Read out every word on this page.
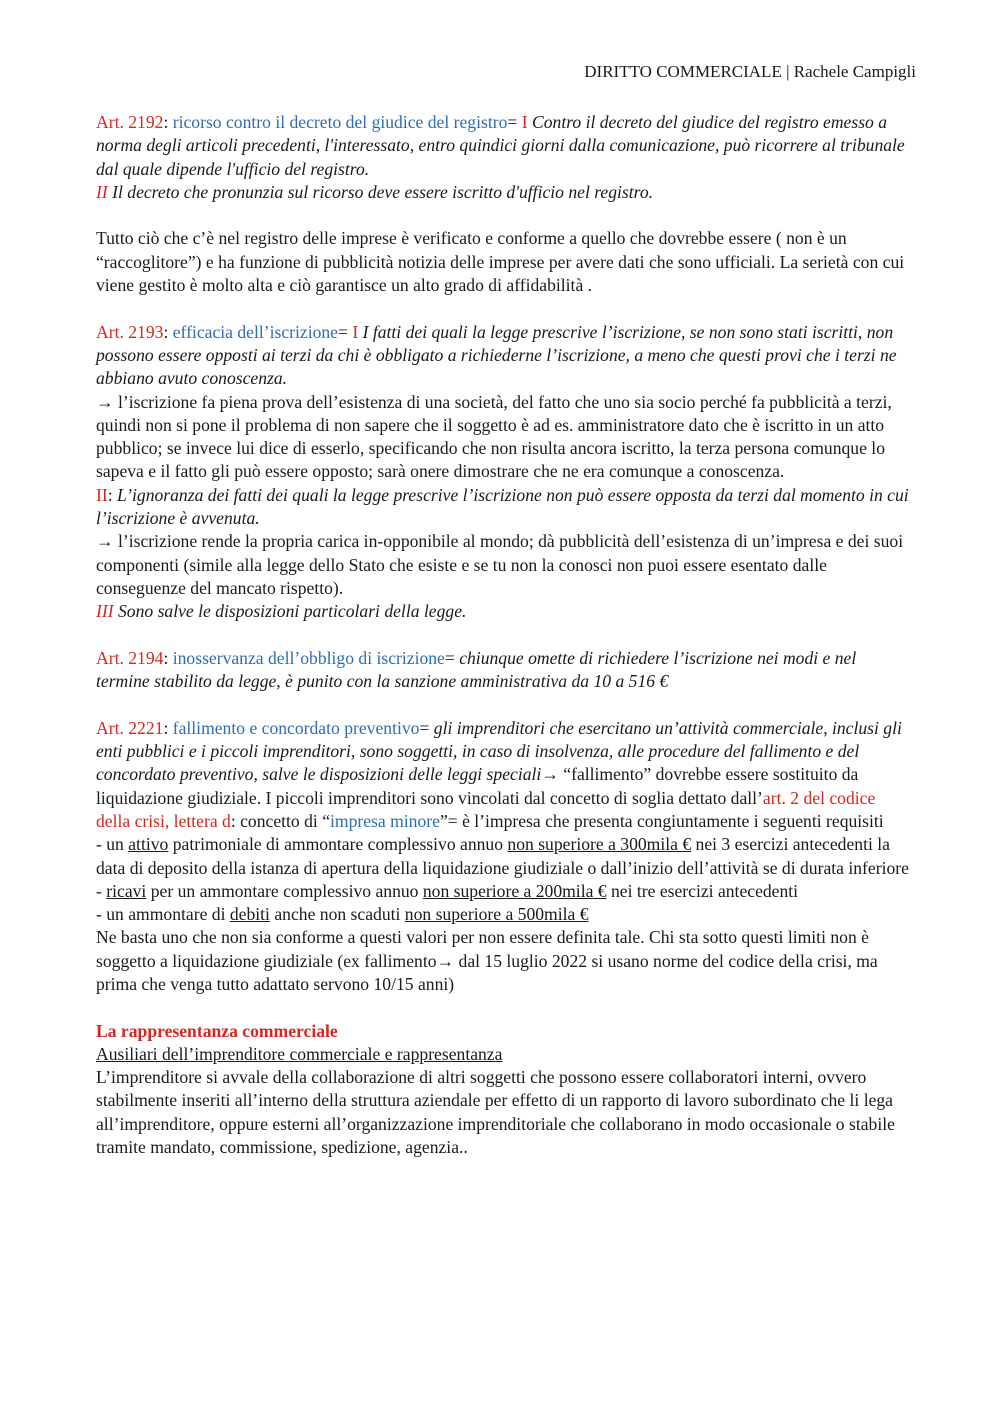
DIRITTO COMMERCIALE | Rachele Campigli

Art. 2192: ricorso contro il decreto del giudice del registro= I Contro il decreto del giudice del registro emesso a norma degli articoli precedenti, l'interessato, entro quindici giorni dalla comunicazione, può ricorrere al tribunale dal quale dipende l'ufficio del registro.

II Il decreto che pronunzia sul ricorso deve essere iscritto d'ufficio nel registro.

Tutto ciò che c’è nel registro delle imprese è verificato e conforme a quello che dovrebbe essere ( non è un “raccoglitore”) e ha funzione di pubblicità notizia delle imprese per avere dati che sono ufficiali. La serietà con cui viene gestito è molto alta e ciò garantisce un alto grado di affidabilità .

Art. 2193: efficacia dell’iscrizione= I I fatti dei quali la legge prescrive l’iscrizione, se non sono stati iscritti, non possono essere opposti ai terzi da chi è obbligato a richiederne l’iscrizione, a meno che questi provi che i terzi ne abbiano avuto conoscenza.

→ l’iscrizione fa piena prova dell’esistenza di una società, del fatto che uno sia socio perché fa pubblicità a terzi, quindi non si pone il problema di non sapere che il soggetto è ad es. amministratore dato che è iscritto in un atto pubblico; se invece lui dice di esserlo, specificando che non risulta ancora iscritto, la terza persona comunque lo sapeva e il fatto gli può essere opposto; sarà onere dimostrare che ne era comunque a conoscenza.

II: L’ignoranza dei fatti dei quali la legge prescrive l’iscrizione non può essere opposta da terzi dal momento in cui l’iscrizione è avvenuta.

→ l’iscrizione rende la propria carica in-opponibile al mondo; dà pubblicità dell’esistenza di un’impresa e dei suoi componenti (simile alla legge dello Stato che esiste e se tu non la conosci non puoi essere esentato dalle conseguenze del mancato rispetto).

III Sono salve le disposizioni particolari della legge.

Art. 2194: inosservanza dell’obbligo di iscrizione= chiunque omette di richiedere l’iscrizione nei modi e nel termine stabilito da legge, è punito con la sanzione amministrativa da 10 a 516 €

Art. 2221: fallimento e concordato preventivo= gli imprenditori che esercitano un’attività commerciale, inclusi gli enti pubblici e i piccoli imprenditori, sono soggetti, in caso di insolvenza, alle procedure del fallimento e del concordato preventivo, salve le disposizioni delle leggi speciali→ “fallimento” dovrebbe essere sostituito da liquidazione giudiziale. I piccoli imprenditori sono vincolati dal concetto di soglia dettato dall’art. 2 del codice della crisi, lettera d: concetto di “impresa minore”= è l’impresa che presenta congiuntamente i seguenti requisiti

- un attivo patrimoniale di ammontare complessivo annuo non superiore a 300mila € nei 3 esercizi antecedenti la data di deposito della istanza di apertura della liquidazione giudiziale o dall’inizio dell’attività se di durata inferiore

- ricavi per un ammontare complessivo annuo non superiore a 200mila € nei tre esercizi antecedenti

- un ammontare di debiti anche non scaduti non superiore a 500mila €

Ne basta uno che non sia conforme a questi valori per non essere definita tale. Chi sta sotto questi limiti non è soggetto a liquidazione giudiziale (ex fallimento→ dal 15 luglio 2022 si usano norme del codice della crisi, ma prima che venga tutto adattato servono 10/15 anni)

La rappresentanza commerciale

Ausiliari dell’imprenditore commerciale e rappresentanza

L’imprenditore si avvale della collaborazione di altri soggetti che possono essere collaboratori interni, ovvero stabilmente inseriti all’interno della struttura aziendale per effetto di un rapporto di lavoro subordinato che li lega all’imprenditore, oppure esterni all’organizzazione imprenditoriale che collaborano in modo occasionale o stabile tramite mandato, commissione, spedizione, agenzia..
